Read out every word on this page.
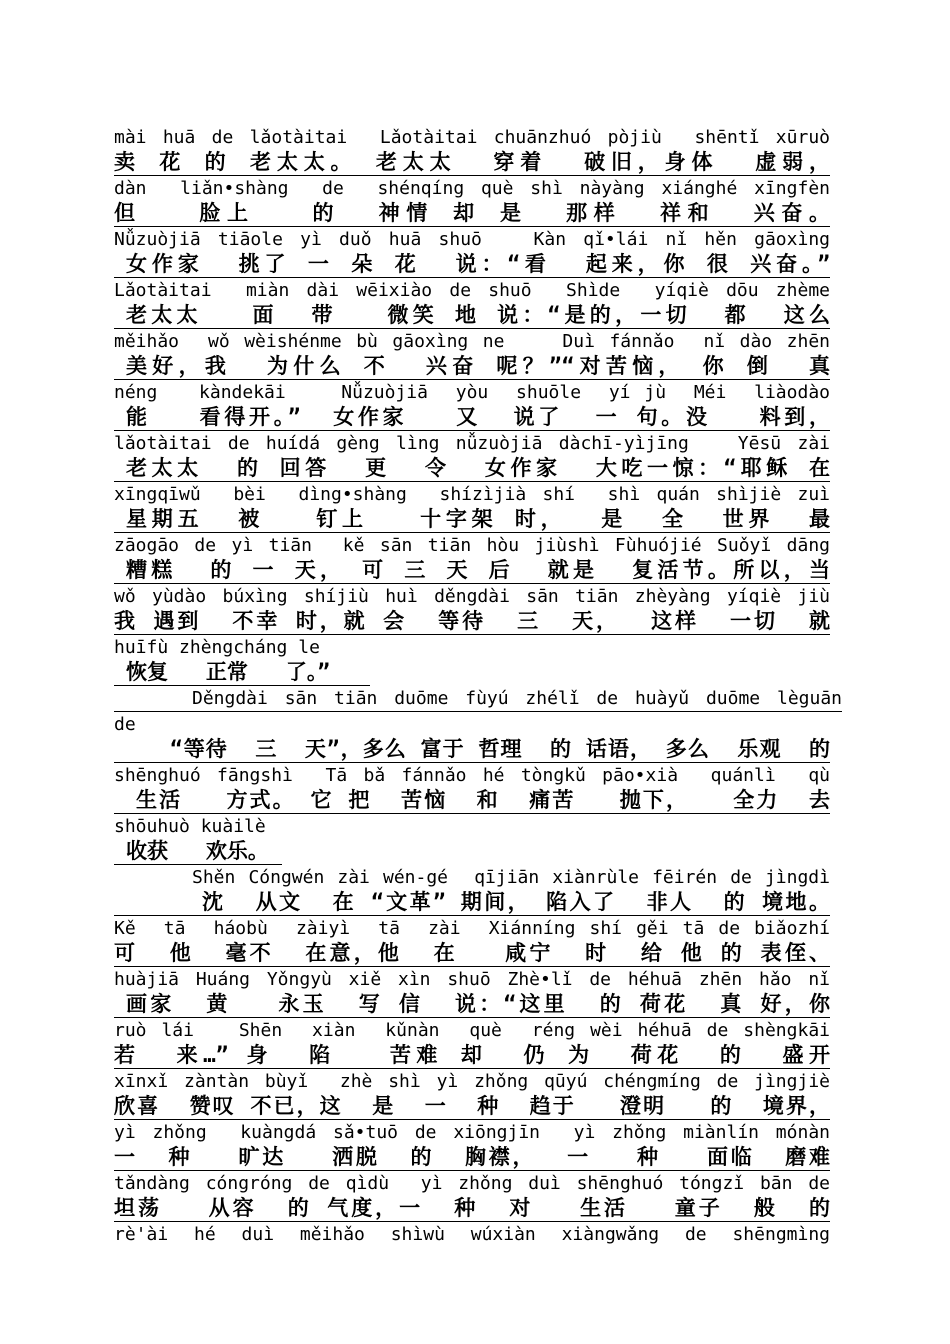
mài huā de lǎotàitai  Lǎotàitai chuānzhuó pòjiù  shēntǐ xūruò
卖 花 的 老太太。 老太太  穿着  破旧，身体  虚弱，
dàn  liǎn•shàng  de  shénqíng què shì nàyàng xiánghé xīngfèn
但   脸上   的  神情 却 是  那样  祥和  兴奋。
Nǚzuòjiā tiāole yì duǒ huā shuō   Kàn qǐ•lái nǐ hěn gāoxìng
女作家  挑了 一 朵 花  说：“看  起来，你 很 兴奋。”
Lǎotàitai  miàn dài wēixiào de shuō  Shìde  yíqiè dōu zhème
老太太   面  带   微笑 地 说：“是的，一切  都  这么
měihǎo  wǒ wèishénme bù gāoxìng ne    Duì fánnǎo  nǐ dào zhēn
美好，我  为什么 不  兴奋 呢？”“对苦恼， 你 倒  真
néng   kàndekāi    Nǚzuòjiā  yòu  shuōle  yí jù  Méi  liàodào
能   看得开。”  女作家   又  说了  一 句。没   料到，
lǎotàitai de huídá gèng lìng nǚzuòjiā dàchī-yìjīng   Yēsū zài
老太太  的 回答  更  令  女作家  大吃一惊：“耶稣 在
xīngqīwǔ  bèi  dìng•shàng  shízìjià shí  shì quán shìjiè zuì
星期五  被   钉上   十字架 时，  是  全  世界  最
zāogāo de yì tiān  kě sān tiān hòu jiùshì Fùhuójié Suǒyǐ dāng
糟糕  的 一 天， 可 三 天 后  就是  复活节。所以，当
wǒ yùdào búxìng shíjiù huì děngdài sān tiān zhèyàng yíqiè jiù
我 遇到  不幸 时，就 会  等待  三  天，  这样  一切  就
huīfù zhèngcháng le
恢复   正常   了。”
Děngdài sān tiān duōme fùyú zhélǐ de huàyǔ duōme lèguān
de
“等待  三  天”，多么 富于 哲理  的 话语， 多么  乐观  的
shēnghuó fāngshì  Tā bǎ fánnǎo hé tòngkǔ pāo•xià  quánlì  qù
生活   方式。 它 把  苦恼  和  痛苦   抛下，   全力  去
shōuhuò kuàilè
收获   欢乐。
Shěn Cóngwén zài wén-gé  qījiān xiànrùle fēirén de jìngdì
沈  从文  在 “文革” 期间， 陷入了  非人  的 境地。
Kě  tā  háobù  zàiyì  tā  zài  Xiánníng shí gěi tā de biǎozhí
可  他  毫不  在意，他  在   咸宁  时  给 他 的 表侄、
huàjiā Huáng Yǒngyù xiě xìn shuō Zhè•lǐ de héhuā zhēn hǎo nǐ
画家  黄   永玉  写 信  说：“这里  的 荷花  真 好，你
ruò lái   Shēn  xiàn  kǔnàn  què  réng wèi héhuā de shèngkāi
若  来…” 身  陷   苦难 却  仍 为  荷花  的  盛开
xīnxǐ zàntàn bùyǐ  zhè shì yì zhǒng qūyú chéngmíng de jìngjiè
欣喜  赞叹 不已，这  是  一  种  趋于   澄明   的  境界，
yì zhǒng  kuàngdá sǎ•tuō de xiōngjīn  yì zhǒng miànlín mónàn
一  种   旷达   洒脱  的  胸襟，  一   种   面临  磨难
tǎndàng cóngróng de qìdù  yì zhǒng duì shēnghuó tóngzǐ bān de
坦荡   从容  的 气度，一  种  对   生活   童子  般  的
rè'ài hé duì měihǎo shìwù wúxiàn xiàngwǎng de shēngmìng
